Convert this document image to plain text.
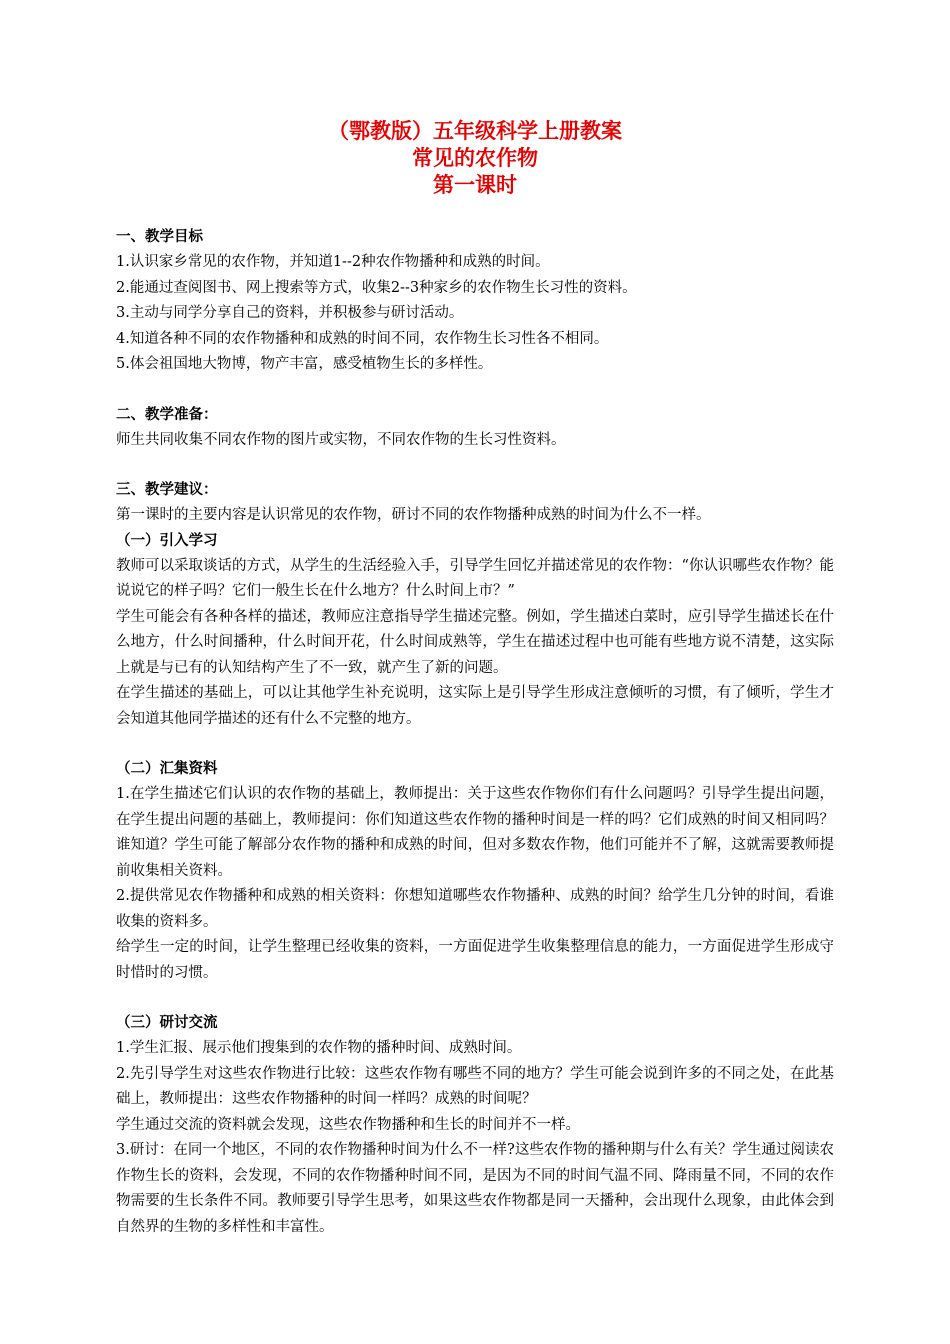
（鄂教版）五年级科学上册教案
常见的农作物
第一课时
一、教学目标

1.认识家乡常见的农作物，并知道1--2种农作物播种和成熟的时间。

2.能通过查阅图书、网上搜索等方式，收集2--3种家乡的农作物生长习性的资料。

3.主动与同学分享自己的资料，并积极参与研讨活动。

4.知道各种不同的农作物播种和成熟的时间不同，农作物生长习性各不相同。

5.体会祖国地大物博，物产丰富，感受植物生长的多样性。

二、教学准备：

师生共同收集不同农作物的图片或实物，不同农作物的生长习性资料。

三、教学建议：

第一课时的主要内容是认识常见的农作物，研讨不同的农作物播种成熟的时间为什么不一样。

（一）引入学习

教师可以采取谈话的方式，从学生的生活经验入手，引导学生回忆并描述常见的农作物：“你认识哪些农作物？能说说它的样子吗？它们一般生长在什么地方？什么时间上市？”

学生可能会有各种各样的描述，教师应注意指导学生描述完整。例如，学生描述白菜时，应引导学生描述长在什么地方，什么时间播种，什么时间开花，什么时间成熟等，学生在描述过程中也可能有些地方说不清楚，这实际上就是与已有的认知结构产生了不一致，就产生了新的问题。

在学生描述的基础上，可以让其他学生补充说明，这实际上是引导学生形成注意倾听的习惯，有了倾听，学生才会知道其他同学描述的还有什么不完整的地方。

（二）汇集资料

1.在学生描述它们认识的农作物的基础上，教师提出：关于这些农作物你们有什么问题吗？引导学生提出问题，在学生提出问题的基础上，教师提问：你们知道这些农作物的播种时间是一样的吗？它们成熟的时间又相同吗？谁知道？学生可能了解部分农作物的播种和成熟的时间，但对多数农作物，他们可能并不了解，这就需要教师提前收集相关资料。

2.提供常见农作物播种和成熟的相关资料：你想知道哪些农作物播种、成熟的时间？给学生几分钟的时间，看谁收集的资料多。

给学生一定的时间，让学生整理已经收集的资料，一方面促进学生收集整理信息的能力，一方面促进学生形成守时惜时的习惯。

（三）研讨交流

1.学生汇报、展示他们搜集到的农作物的播种时间、成熟时间。

2.先引导学生对这些农作物进行比较：这些农作物有哪些不同的地方？学生可能会说到许多的不同之处，在此基础上，教师提出：这些农作物播种的时间一样吗？成熟的时间呢？

学生通过交流的资料就会发现，这些农作物播种和生长的时间并不一样。

3.研讨：在同一个地区，不同的农作物播种时间为什么不一样?这些农作物的播种期与什么有关？学生通过阅读农作物生长的资料，会发现，不同的农作物播种时间不同，是因为不同的时间气温不同、降雨量不同，不同的农作物需要的生长条件不同。教师要引导学生思考，如果这些农作物都是同一天播种，会出现什么现象，由此体会到自然界的生物的多样性和丰富性。
